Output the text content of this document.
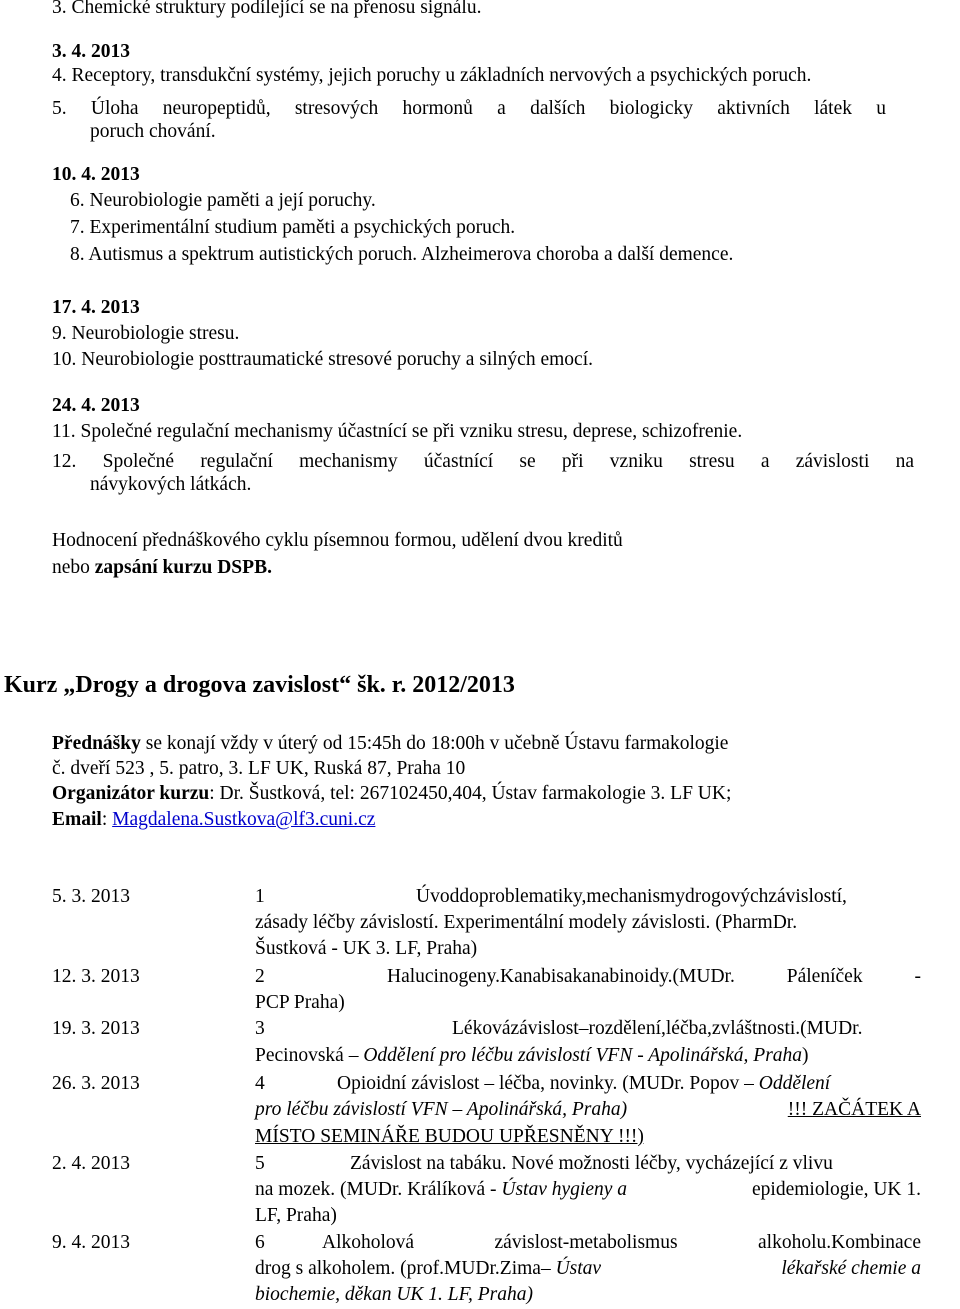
3. Chemické struktury podílející se na přenosu signálu.
3. 4. 2013
4. Receptory, transdukční systémy, jejich poruchy u základních nervových a psychických poruch.
5. Úloha neuropeptidů, stresových hormonů a dalších biologicky aktivních látek u
poruch chování.
10. 4. 2013
6. Neurobiologie paměti a její poruchy.
7. Experimentální studium paměti a psychických poruch.
8. Autismus a spektrum autistických poruch. Alzheimerova choroba a další demence.
17. 4. 2013
9. Neurobiologie stresu.
10. Neurobiologie posttraumatické stresové poruchy a silných emocí.
24. 4. 2013
11. Společné regulační mechanismy účastnící se při vzniku stresu, deprese, schizofrenie.
12. Společné regulační mechanismy účastnící se při vzniku stresu a závislosti na
návykových látkách.
Hodnocení přednáškového cyklu písemnou formou, udělení dvou kreditů
nebo zapsání kurzu DSPB.
Kurz „Drogy a drogova zavislost“ šk. r. 2012/2013
Přednášky se konají vždy v úterý od 15:45h do 18:00h v učebně Ústavu farmakologie
č. dveří 523 , 5. patro, 3. LF UK, Ruská 87, Praha 10
Organizátor kurzu: Dr. Šustková, tel: 267102450,404, Ústav farmakologie 3. LF UK;
Email: Magdalena.Sustkova@lf3.cuni.cz
5. 3. 2013	1	Úvoddoproblematiky,mechanismydrogovýchzávislostí,
zásady léčby závislostí. Experimentální modely závislosti. (PharmDr.
Šustková - UK 3. LF, Praha)
12. 3. 2013	2	Halucinogeny.Kanabisakanabinoidy.(MUDr. Páleníček -
PCP Praha)
19. 3. 2013	3	Lékovázávislost–rozdělení,léčba,zvláštnosti.(MUDr.
Pecinovská – Oddělení pro léčbu závislostí VFN - Apolinářská, Praha)
26. 3. 2013	4	Opioidní závislost – léčba, novinky. (MUDr. Popov – Oddělení
pro léčbu závislostí VFN – Apolinářská, Praha)	!!! ZAČÁTEK A
MÍSTO SEMINÁŘE BUDOU UPŘESNĚNY !!!)
2. 4. 2013	5	Závislost na tabáku. Nové možnosti léčby, vycházející z vlivu
na mozek. (MUDr. Králíková - Ústav hygieny a	epidemiologie, UK 1.
LF, Praha)
9. 4. 2013	6	Alkoholová závislost-metabolismus alkoholu.Kombinace
drog s alkoholem. (prof.MUDr.Zima– Ústav	lékařské chemie a
biochemie, děkan UK 1. LF, Praha)
